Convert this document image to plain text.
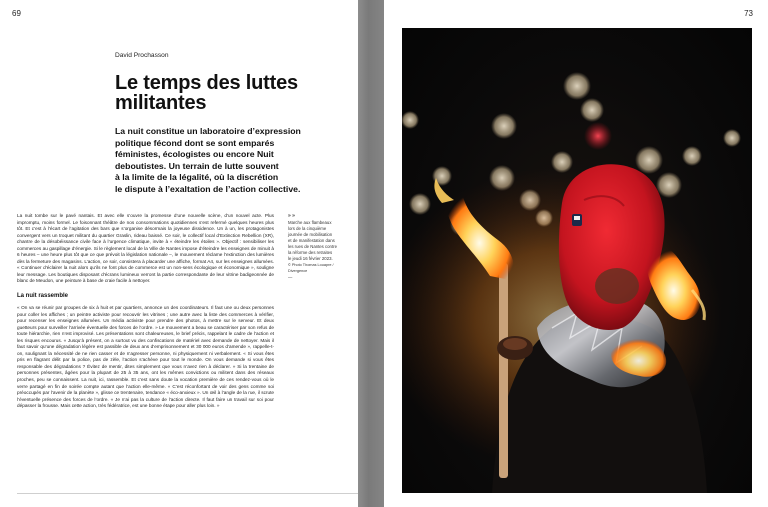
69	73
David Prochasson
Le temps des luttes
militantes

La nuit constitue un laboratoire d’expression
politique fécond dont se sont emparés
féministes, écologistes ou encore Nuit
deboutistes. Un terrain de lutte souvent
à la limite de la légalité, où la discrétion
le dispute à l’exaltation de l’action collective.

La nuit tombe sur le pavé nantais. Et avec elle s’ouvre la promesse d’une nouvelle scène, d’un nouvel acte. Plus impromptu, moins formel. Le foisonnant théâtre de nos consommations quotidiennes s’est refermé quelques heures plus tôt. Et c’est à l’écart de l’agitation des bars que s’organise désormais la joyeuse dissidence. Un à un, les protagonistes convergent vers un troquet militant du quartier Graslin, rideau baissé. Ce soir, le collectif local d’Extinction Rebellion (XR), chantre de la désobéissance civile face à l’urgence climatique, invite à « éteindre les étoiles ». Objectif : sensibiliser les commerces au gaspillage d’énergie. Si le règlement local de la Ville de Nantes impose d’éteindre les enseignes de minuit à 6 heures – une heure plus tôt que ce que prévoit la législation nationale –, le mouvement réclame l’extinction des lumières dès la fermeture des magasins. L’action, ce soir, consistera à placarder une affiche, format A4, sur les enseignes allumées. « Continuer d’éclairer la nuit alors qu’ils ne font plus de commerce est un non-sens écologique et économique », souligne leur message. Les boutiques disposant d’écrans lumineux verront la partie correspondante de leur vitrine badigeonnée de blanc de Meudon, une peinture à base de craie facile à nettoyer.

La nuit rassemble

« On va se réunir par groupes de six à huit et par quartiers, annonce un des coordinateurs. Il faut une ou deux personnes pour coller les affiches ; un peintre activiste pour recouvrir les vitrines ; une autre avec la liste des commerces à vérifier, pour recenser les enseignes allumées. Un média activiste pour prendre des photos, à mettre sur le serveur. Et deux guetteurs pour surveiller l’arrivée éventuelle des forces de l’ordre. » Le mouvement a beau se caractériser par son refus de toute hiérarchie, rien n’est improvisé. Les présentations sont chaleureuses, le brief précis, rappelant le cadre de l’action et les risques encourus. « Jusqu’à présent, on a surtout vu des confiscations de matériel avec demande de nettoyer. Mais il faut savoir qu’une dégradation légère est passible de deux ans d’emprisonnement et 30 000 euros d’amende », rappelle-t-on, soulignant la nécessité de ne rien casser et de n’agresser personne, ni physiquement ni verbalement. « Si vous êtes pris en flagrant délit par la police, pas de zèle, l’action s’achève pour tout le monde. On vous demande si vous êtes responsable des dégradations ? Évitez de mentir, dites simplement que vous n’avez rien à déclarer. » Si la trentaine de personnes présentes, âgées pour la plupart de 25 à 35 ans, ont les mêmes convictions ou militent dans des réseaux proches, peu se connaissent. La nuit, ici, rassemble. Et c’est sans doute la vocation première de ces rendez-vous où le verre partagé en fin de soirée compte autant que l’action elle-même. « C’est réconfortant de voir des gens comme soi préoccupés par l’avenir de la planète », glisse ce trentenaire, tendance « éco-anxieux ». Un œil à l’angle de la rue, il scrute l’éventuelle présence des forces de l’ordre. « Je n’ai pas la culture de l’action directe. Il faut faire un travail sur soi pour dépasser la frousse. Mais cette action, très fédératrice, est une bonne étape pour aller plus loin. »

» »
Marche aux flambeaux
lors de la cinquième
journée de mobilisation
et de manifestation dans
les rues de Nantes contre
la réforme des retraites
le jeudi 16 février 2023.
© Photo Thomas Louapre / Divergence
—
